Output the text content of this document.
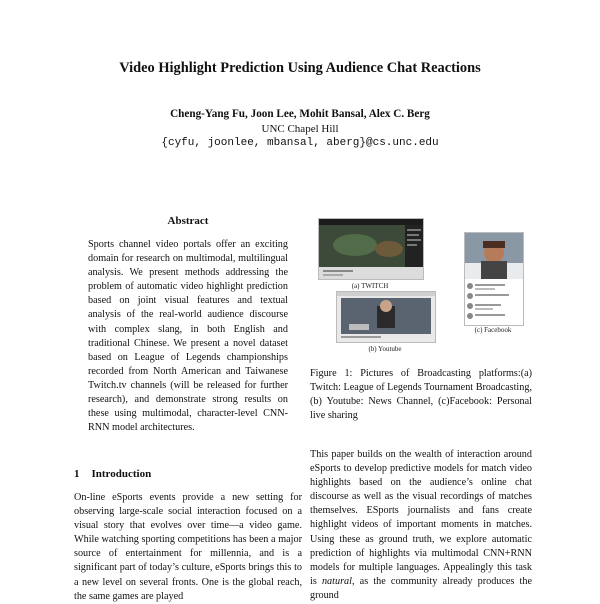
Video Highlight Prediction Using Audience Chat Reactions
Cheng-Yang Fu, Joon Lee, Mohit Bansal, Alex C. Berg
UNC Chapel Hill
{cyfu, joonlee, mbansal, aberg}@cs.unc.edu
Abstract
Sports channel video portals offer an exciting domain for research on multimodal, multilingual analysis. We present methods addressing the problem of automatic video highlight prediction based on joint visual features and textual analysis of the real-world audience discourse with complex slang, in both English and traditional Chinese. We present a novel dataset based on League of Legends championships recorded from North American and Taiwanese Twitch.tv channels (will be released for further research), and demonstrate strong results on these using multimodal, character-level CNN-RNN model architectures.
1 Introduction
On-line eSports events provide a new setting for observing large-scale social interaction focused on a visual story that evolves over time—a video game. While watching sporting competitions has been a major source of entertainment for millennia, and is a significant part of today’s culture, eSports brings this to a new level on several fronts. One is the global reach, the same games are played
(a) TWITCH
(b) Youtube
(c) Facebook
Figure 1: Pictures of Broadcasting platforms:(a) Twitch: League of Legends Tournament Broadcasting, (b) Youtube: News Channel, (c)Facebook: Personal live sharing
This paper builds on the wealth of interaction around eSports to develop predictive models for match video highlights based on the audience’s online chat discourse as well as the visual recordings of matches themselves. ESports journalists and fans create highlight videos of important moments in matches. Using these as ground truth, we explore automatic prediction of highlights via multimodal CNN+RNN models for multiple languages. Appealingly this task is natural, as the community already produces the ground
